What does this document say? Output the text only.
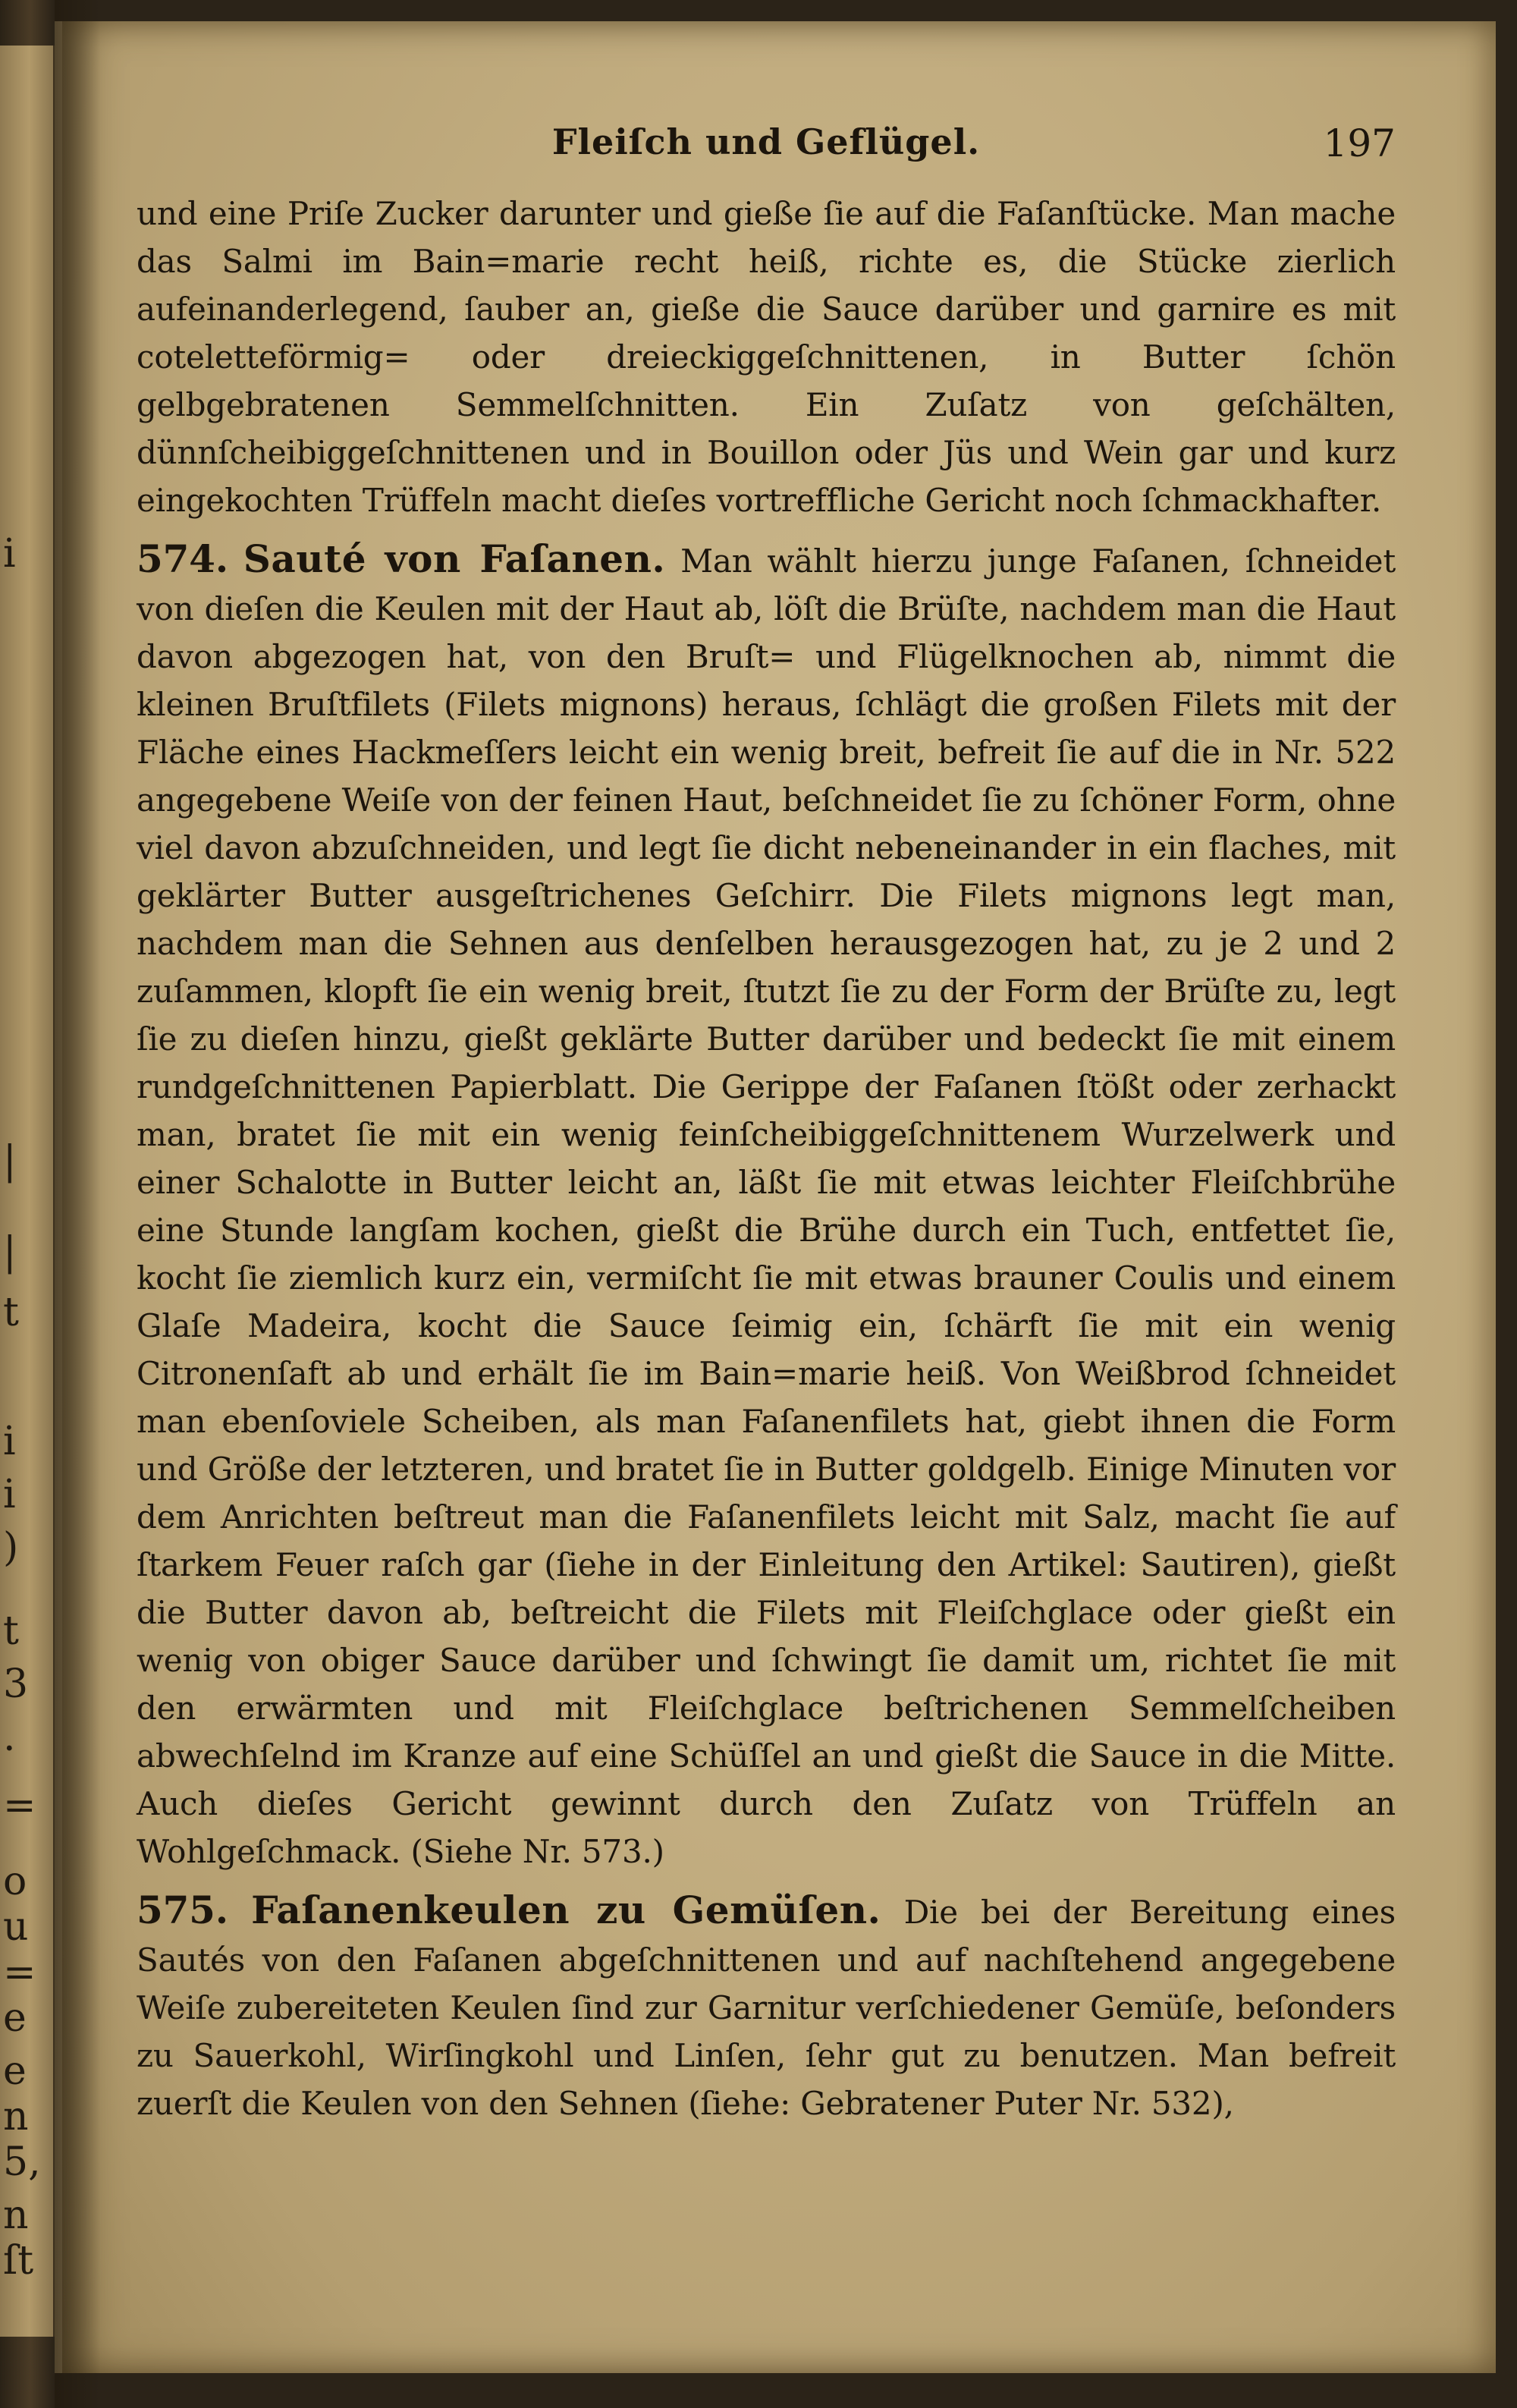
i
|
|
t
i
i
)
t
3
.
=
o
u
=
e
e
n
5,
n
ſt
Fleiſch und Geflügel.	197

und eine Priſe Zucker darunter und gieße ſie auf die Faſanſtücke. Man mache das Salmi im Bain=marie recht heiß, richte es, die Stücke zierlich aufeinanderlegend, ſauber an, gieße die Sauce darüber und garnire es mit coteletteförmig= oder dreieckiggeſchnittenen, in Butter ſchön gelbgebratenen Semmelſchnitten. Ein Zuſatz von geſchälten, dünnſcheibiggeſchnittenen und in Bouillon oder Jüs und Wein gar und kurz eingekochten Trüffeln macht dieſes vortreffliche Gericht noch ſchmackhafter.

574. Sauté von Faſanen. Man wählt hierzu junge Faſanen, ſchneidet von dieſen die Keulen mit der Haut ab, löſt die Brüſte, nachdem man die Haut davon abgezogen hat, von den Bruſt= und Flügelknochen ab, nimmt die kleinen Bruſtfilets (Filets mignons) heraus, ſchlägt die großen Filets mit der Fläche eines Hackmeſſers leicht ein wenig breit, befreit ſie auf die in Nr. 522 angegebene Weiſe von der feinen Haut, beſchneidet ſie zu ſchöner Form, ohne viel davon abzuſchneiden, und legt ſie dicht nebeneinander in ein flaches, mit geklärter Butter ausgeſtrichenes Geſchirr. Die Filets mignons legt man, nachdem man die Sehnen aus denſelben herausgezogen hat, zu je 2 und 2 zuſammen, klopft ſie ein wenig breit, ſtutzt ſie zu der Form der Brüſte zu, legt ſie zu dieſen hinzu, gießt geklärte Butter darüber und bedeckt ſie mit einem rundgeſchnittenen Papierblatt. Die Gerippe der Faſanen ſtößt oder zerhackt man, bratet ſie mit ein wenig feinſcheibiggeſchnittenem Wurzelwerk und einer Schalotte in Butter leicht an, läßt ſie mit etwas leichter Fleiſchbrühe eine Stunde langſam kochen, gießt die Brühe durch ein Tuch, entfettet ſie, kocht ſie ziemlich kurz ein, vermiſcht ſie mit etwas brauner Coulis und einem Glaſe Madeira, kocht die Sauce ſeimig ein, ſchärft ſie mit ein wenig Citronenſaft ab und erhält ſie im Bain=marie heiß. Von Weißbrod ſchneidet man ebenſoviele Scheiben, als man Faſanenfilets hat, giebt ihnen die Form und Größe der letzteren, und bratet ſie in Butter goldgelb. Einige Minuten vor dem Anrichten beſtreut man die Faſanenfilets leicht mit Salz, macht ſie auf ſtarkem Feuer raſch gar (ſiehe in der Einleitung den Artikel: Sautiren), gießt die Butter davon ab, beſtreicht die Filets mit Fleiſchglace oder gießt ein wenig von obiger Sauce darüber und ſchwingt ſie damit um, richtet ſie mit den erwärmten und mit Fleiſchglace beſtrichenen Semmelſcheiben abwechſelnd im Kranze auf eine Schüſſel an und gießt die Sauce in die Mitte. Auch dieſes Gericht gewinnt durch den Zuſatz von Trüffeln an Wohlgeſchmack. (Siehe Nr. 573.)

575. Faſanenkeulen zu Gemüſen. Die bei der Bereitung eines Sautés von den Faſanen abgeſchnittenen und auf nachſtehend angegebene Weiſe zubereiteten Keulen ſind zur Garnitur verſchiedener Gemüſe, beſonders zu Sauerkohl, Wirſingkohl und Linſen, ſehr gut zu benutzen. Man befreit zuerſt die Keulen von den Sehnen (ſiehe: Gebratener Puter Nr. 532),
